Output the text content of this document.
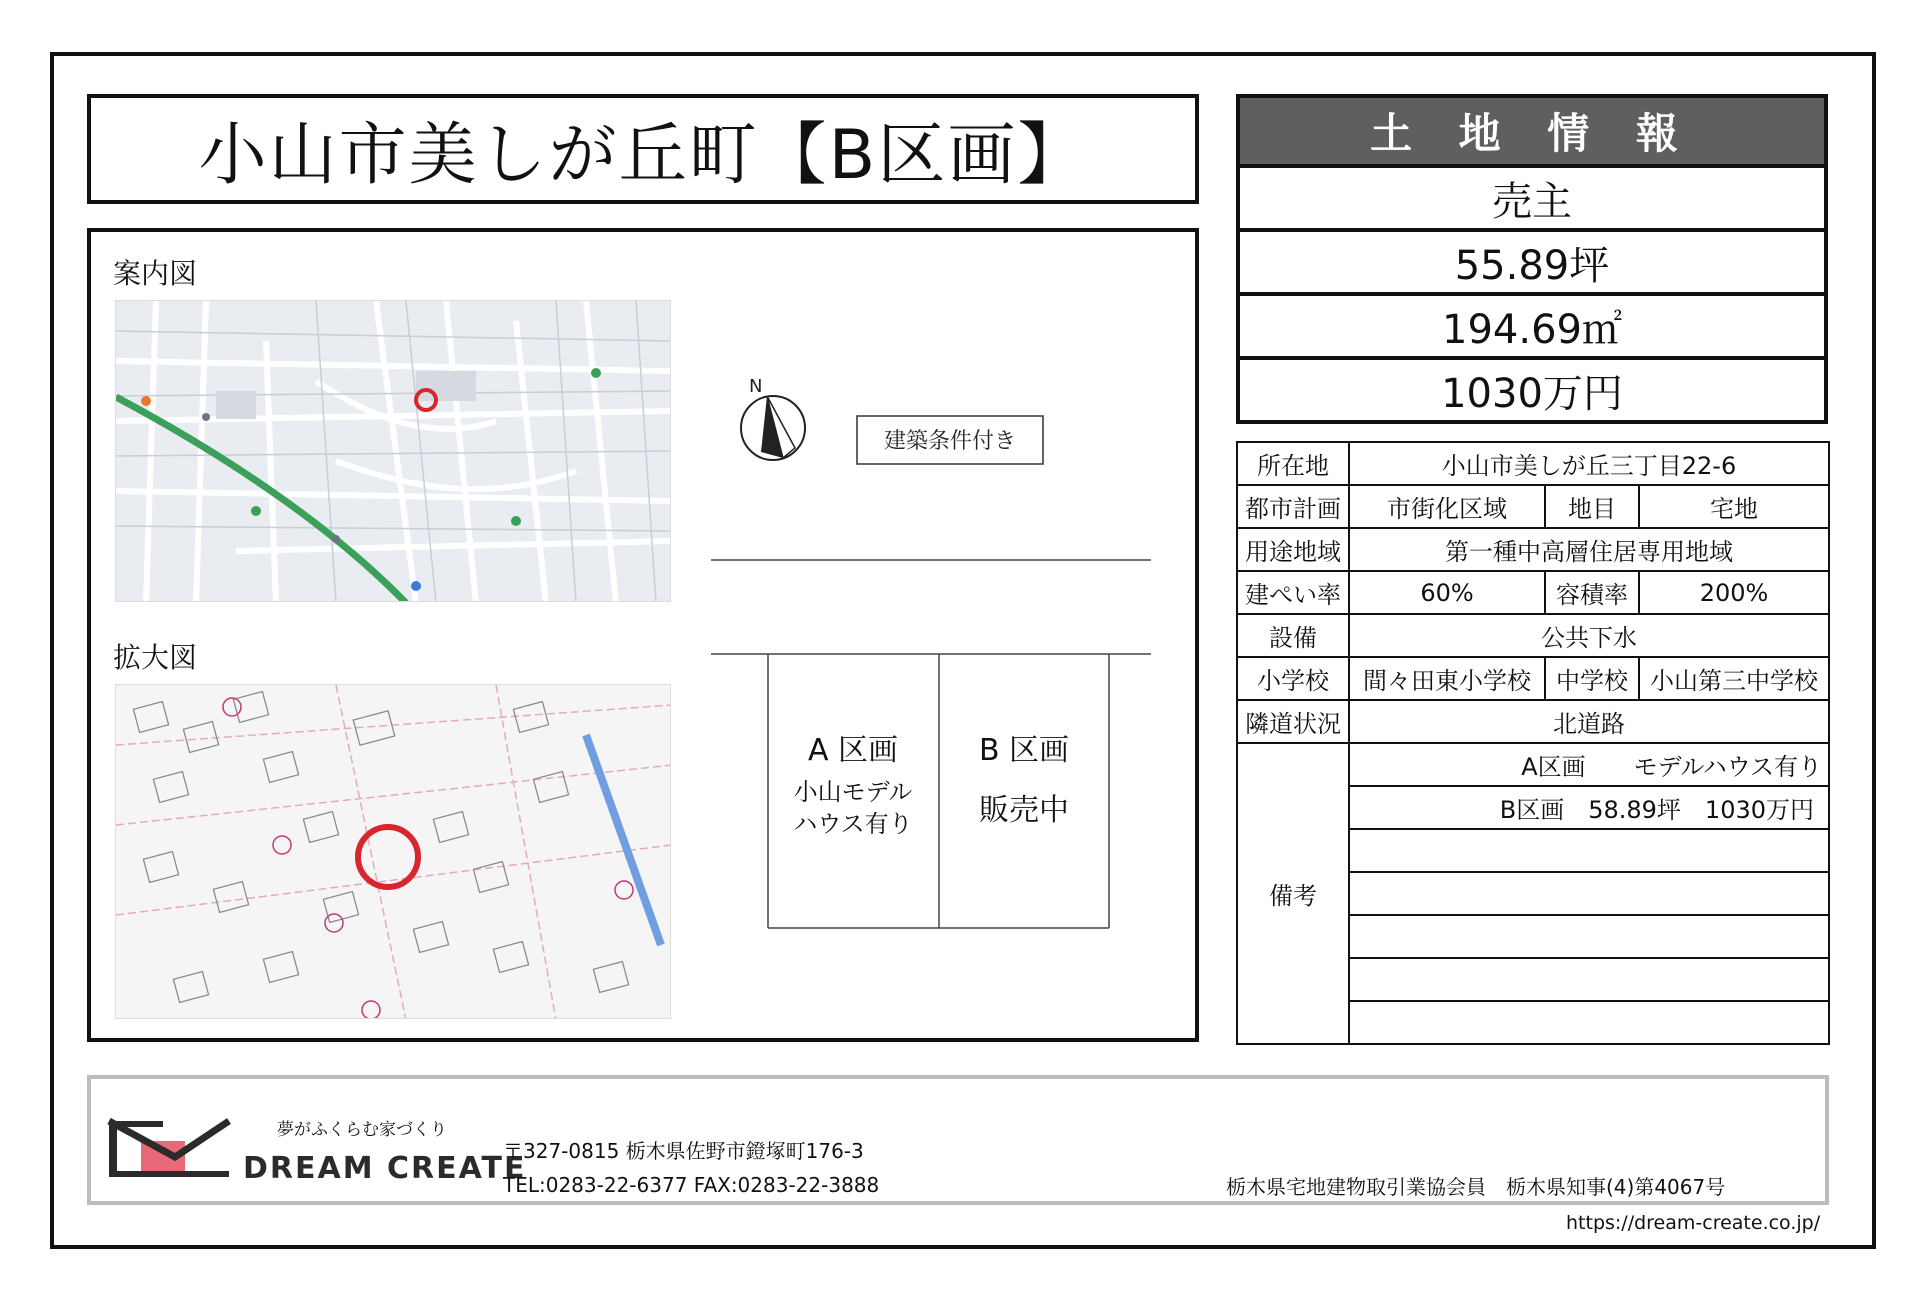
小山市美しが丘町【B区画】
案内図
拡大図
N
建築条件付き
A 区画
小山モデル
ハウス有り
B 区画
販売中
土 地 情 報
売主
55.89坪
194.69㎡
1030万円
所在地	小山市美しが丘三丁目22-6		
都市計画	市街化区域	地目	宅地
用途地域	第一種中高層住居専用地域		
建ぺい率	60%	容積率	200%
設備	公共下水		
小学校	間々田東小学校	中学校	小山第三中学校
隣道状況	北道路		
備考	A区画　　モデルハウス有り		
	B区画　58.89坪　1030万円		

夢がふくらむ家づくり
DREAM CREATE
〒327-0815 栃木県佐野市鐙塚町176-3
TEL:0283-22-6377 FAX:0283-22-3888	栃木県宅地建物取引業協会員　栃木県知事(4)第4067号
https://dream-create.co.jp/
